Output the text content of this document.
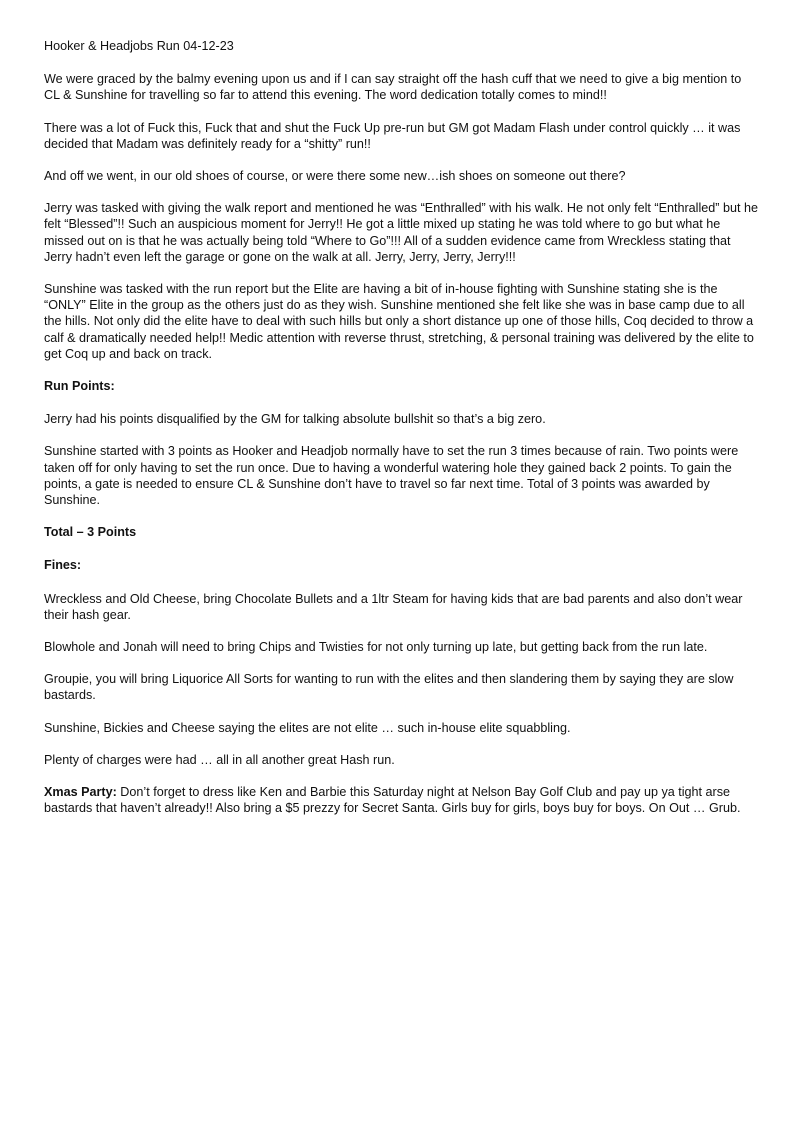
Hooker & Headjobs Run 04-12-23

We were graced by the balmy evening upon us and if I can say straight off the hash cuff that we need to give a big mention to CL & Sunshine for travelling so far to attend this evening. The word dedication totally comes to mind!!

There was a lot of Fuck this, Fuck that and shut the Fuck Up pre-run but GM got Madam Flash under control quickly … it was decided that Madam was definitely ready for a “shitty” run!!

And off we went, in our old shoes of course, or were there some new…ish shoes on someone out there?

Jerry was tasked with giving the walk report and mentioned he was “Enthralled” with his walk. He not only felt “Enthralled” but he felt “Blessed”!! Such an auspicious moment for Jerry!! He got a little mixed up stating he was told where to go but what he missed out on is that he was actually being told “Where to Go”!!! All of a sudden evidence came from Wreckless stating that Jerry hadn’t even left the garage or gone on the walk at all. Jerry, Jerry, Jerry, Jerry!!!

Sunshine was tasked with the run report but the Elite are having a bit of in-house fighting with Sunshine stating she is the “ONLY” Elite in the group as the others just do as they wish. Sunshine mentioned she felt like she was in base camp due to all the hills. Not only did the elite have to deal with such hills but only a short distance up one of those hills, Coq decided to throw a calf & dramatically needed help!! Medic attention with reverse thrust, stretching, & personal training was delivered by the elite to get Coq up and back on track.

Run Points:

Jerry had his points disqualified by the GM for talking absolute bullshit so that’s a big zero.

Sunshine started with 3 points as Hooker and Headjob normally have to set the run 3 times because of rain. Two points were taken off for only having to set the run once. Due to having a wonderful watering hole they gained back 2 points. To gain the points, a gate is needed to ensure CL & Sunshine don’t have to travel so far next time. Total of 3 points was awarded by Sunshine.

Total – 3 Points

Fines:

Wreckless and Old Cheese, bring Chocolate Bullets and a 1ltr Steam for having kids that are bad parents and also don’t wear their hash gear.

Blowhole and Jonah will need to bring Chips and Twisties for not only turning up late, but getting back from the run late.

Groupie, you will bring Liquorice All Sorts for wanting to run with the elites and then slandering them by saying they are slow bastards.

Sunshine, Bickies and Cheese saying the elites are not elite … such in-house elite squabbling.

Plenty of charges were had … all in all another great Hash run.

Xmas Party: Don’t forget to dress like Ken and Barbie this Saturday night at Nelson Bay Golf Club and pay up ya tight arse bastards that haven’t already!! Also bring a $5 prezzy for Secret Santa. Girls buy for girls, boys buy for boys. On Out … Grub.
